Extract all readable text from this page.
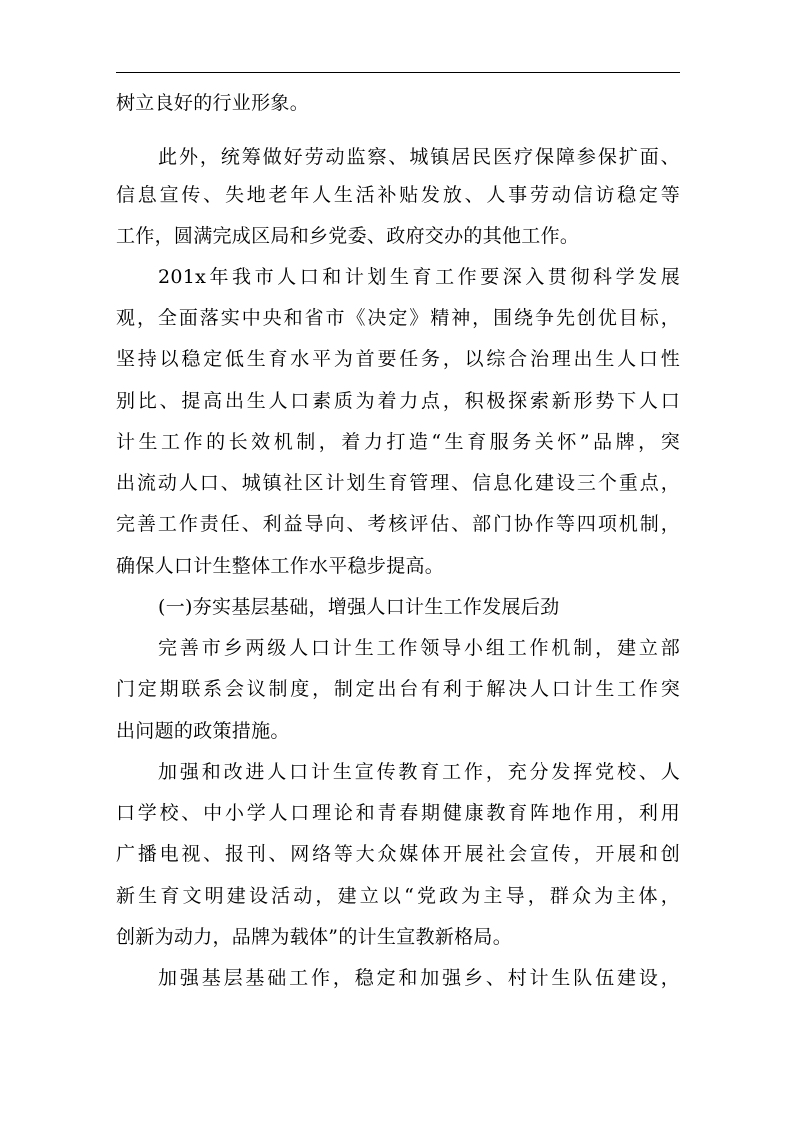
树立良好的行业形象。
此外，统筹做好劳动监察、城镇居民医疗保障参保扩面、
信息宣传、失地老年人生活补贴发放、人事劳动信访稳定等
工作，圆满完成区局和乡党委、政府交办的其他工作。
201x年我市人口和计划生育工作要深入贯彻科学发展
观，全面落实中央和省市《决定》精神，围绕争先创优目标，
坚持以稳定低生育水平为首要任务，以综合治理出生人口性
别比、提高出生人口素质为着力点，积极探索新形势下人口
计生工作的长效机制，着力打造“生育服务关怀”品牌，突
出流动人口、城镇社区计划生育管理、信息化建设三个重点，
完善工作责任、利益导向、考核评估、部门协作等四项机制，
确保人口计生整体工作水平稳步提高。
(一)夯实基层基础，增强人口计生工作发展后劲
完善市乡两级人口计生工作领导小组工作机制，建立部
门定期联系会议制度，制定出台有利于解决人口计生工作突
出问题的政策措施。
加强和改进人口计生宣传教育工作，充分发挥党校、人
口学校、中小学人口理论和青春期健康教育阵地作用，利用
广播电视、报刊、网络等大众媒体开展社会宣传，开展和创
新生育文明建设活动，建立以“党政为主导，群众为主体，
创新为动力，品牌为载体”的计生宣教新格局。
加强基层基础工作，稳定和加强乡、村计生队伍建设，
